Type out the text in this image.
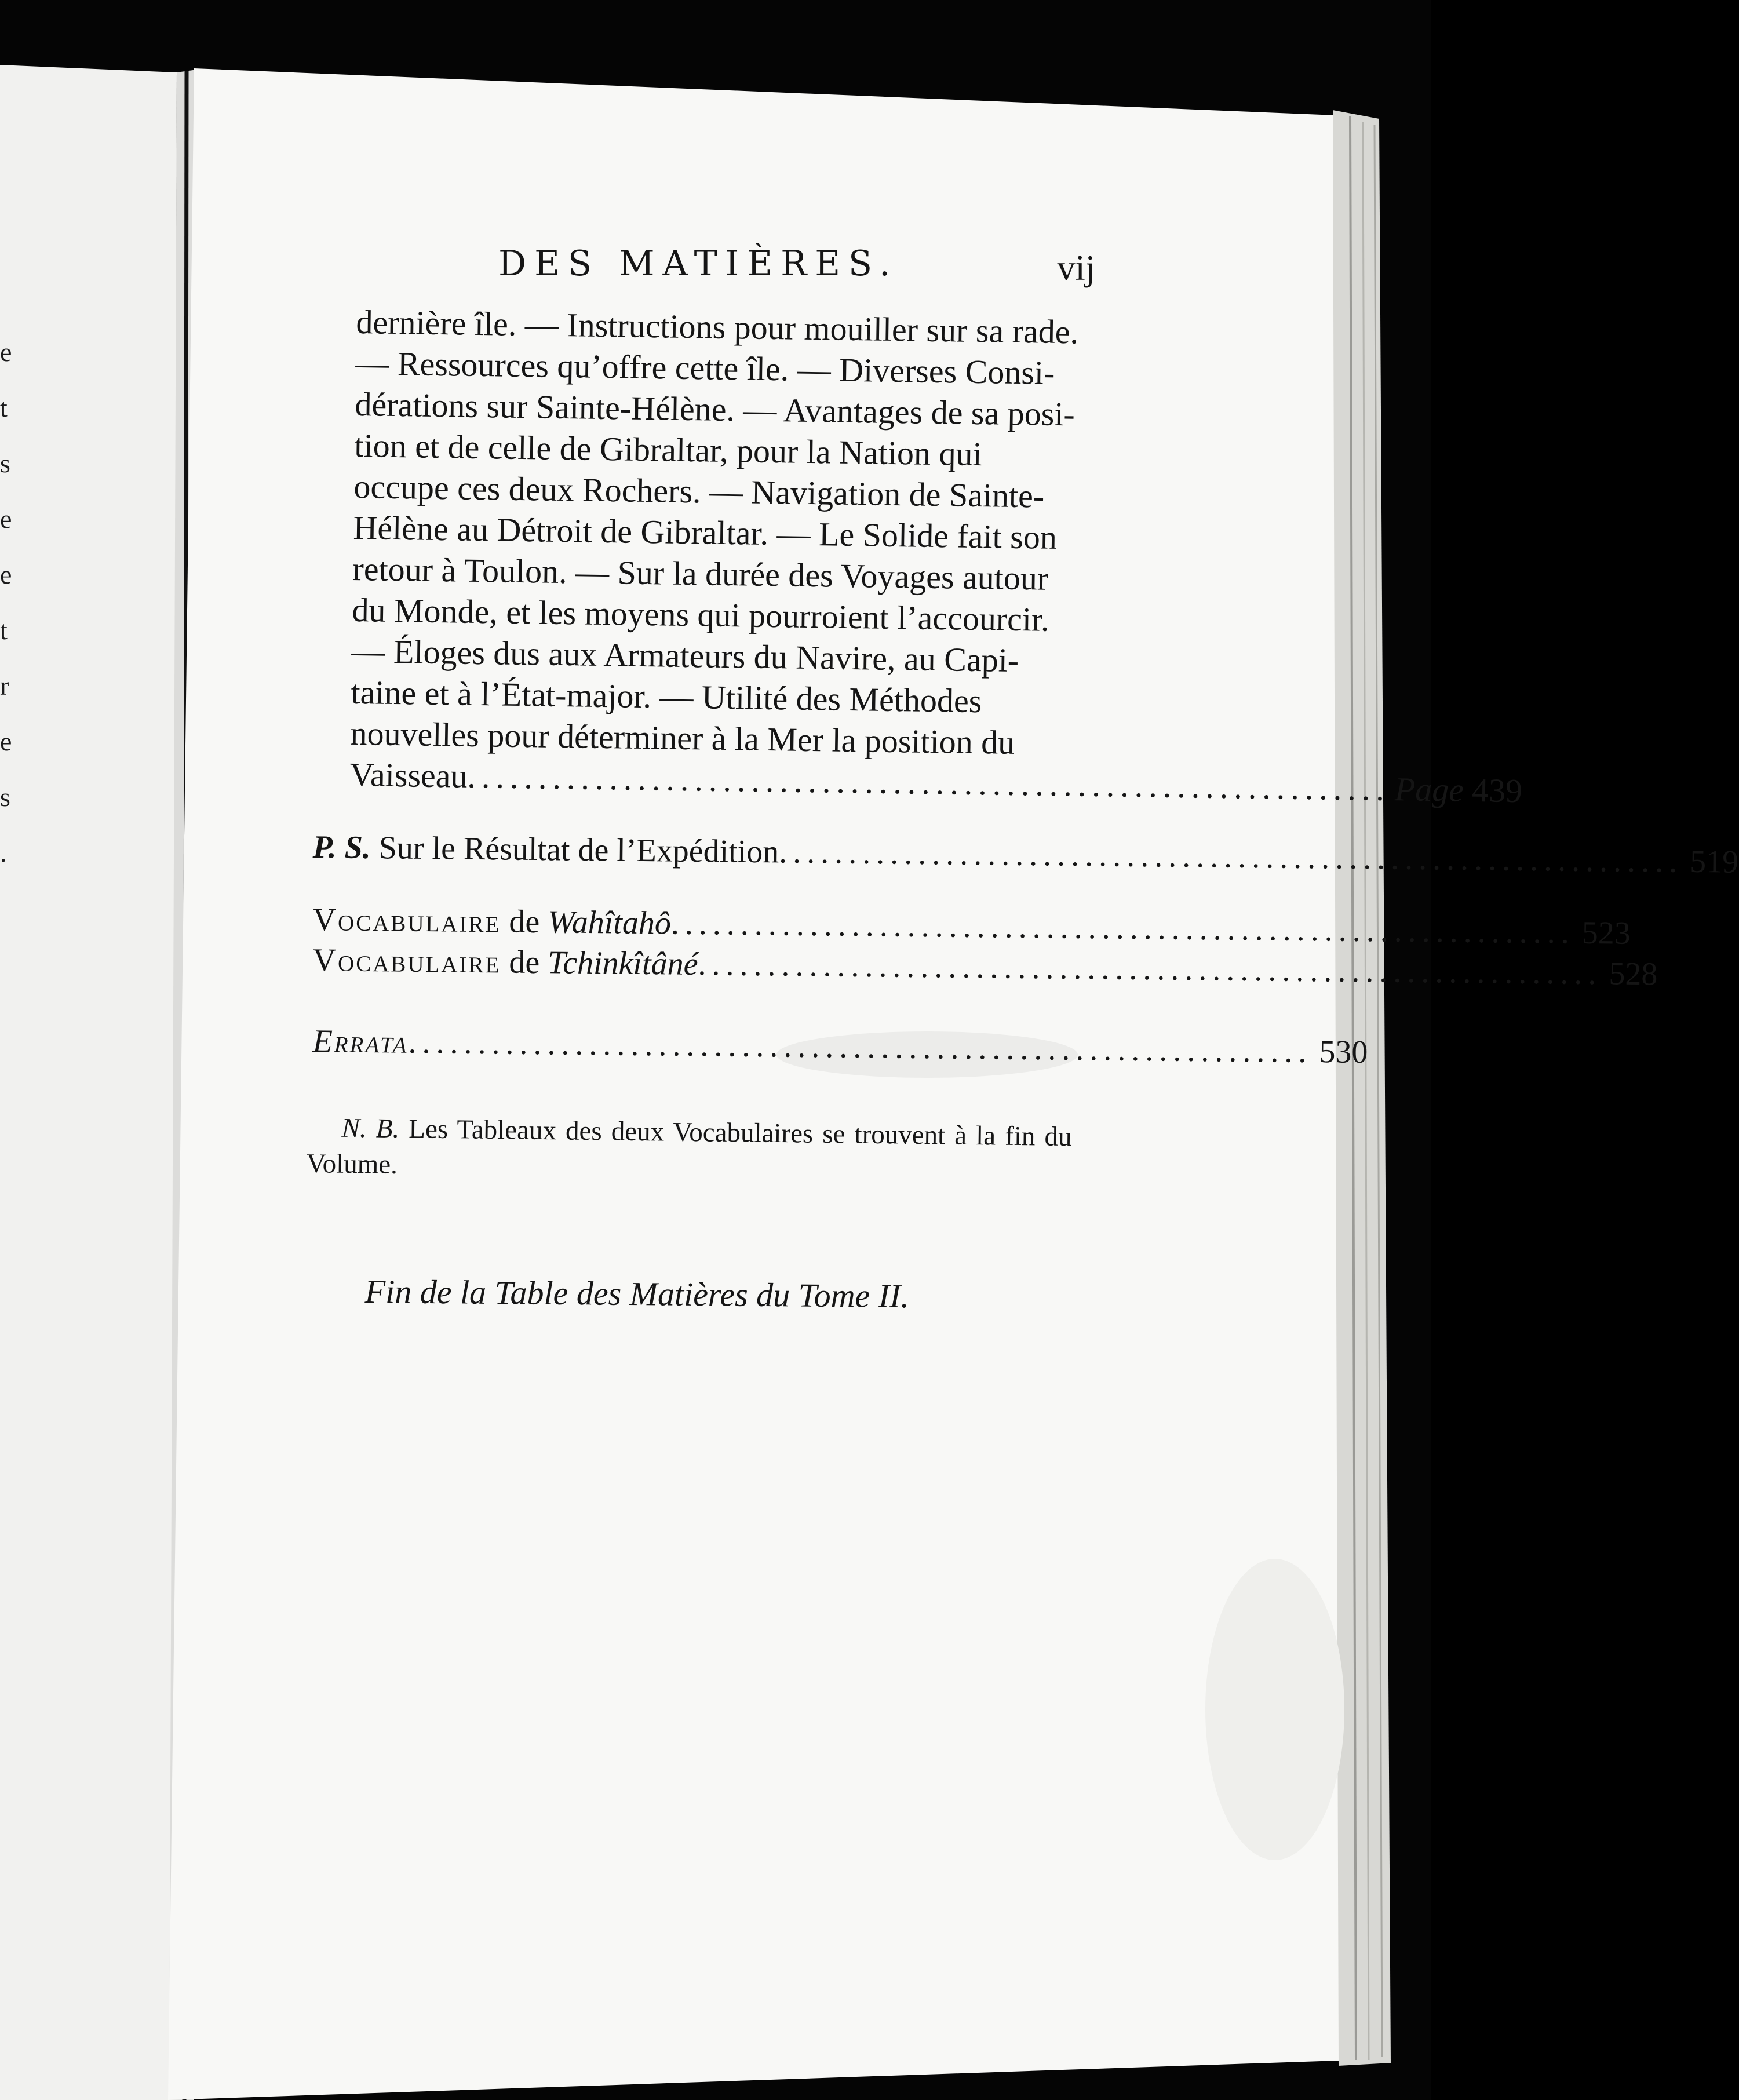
e
t
s
e
e
t
r
e
s
.
DES MATIÈRES.	vij
dernière île. — Instructions pour mouiller sur sa rade.
— Ressources qu’offre cette île. — Diverses Consi-
dérations sur Sainte-Hélène. — Avantages de sa posi-
tion et de celle de Gibraltar, pour la Nation qui
occupe ces deux Rochers. — Navigation de Sainte-
Hélène au Détroit de Gibraltar. — Le Solide fait son
retour à Toulon. — Sur la durée des Voyages autour
du Monde, et les moyens qui pourroient l’accourcir.
— Éloges dus aux Armateurs du Navire, au Capi-
taine et à l’État-major. — Utilité des Méthodes
nouvelles pour déterminer à la Mer la position du
Vaisseau ................................................................. Page 439
P. S. Sur le Résultat de l’Expédition ................................................................. 519
Vocabulaire de Wahîtahô ................................................................. 523
Vocabulaire de Tchinkîtâné ................................................................. 528
Errata ................................................................. 530
N. B. Les Tableaux des deux Vocabulaires se trouvent à la fin du Volume.
Fin de la Table des Matières du Tome II.
